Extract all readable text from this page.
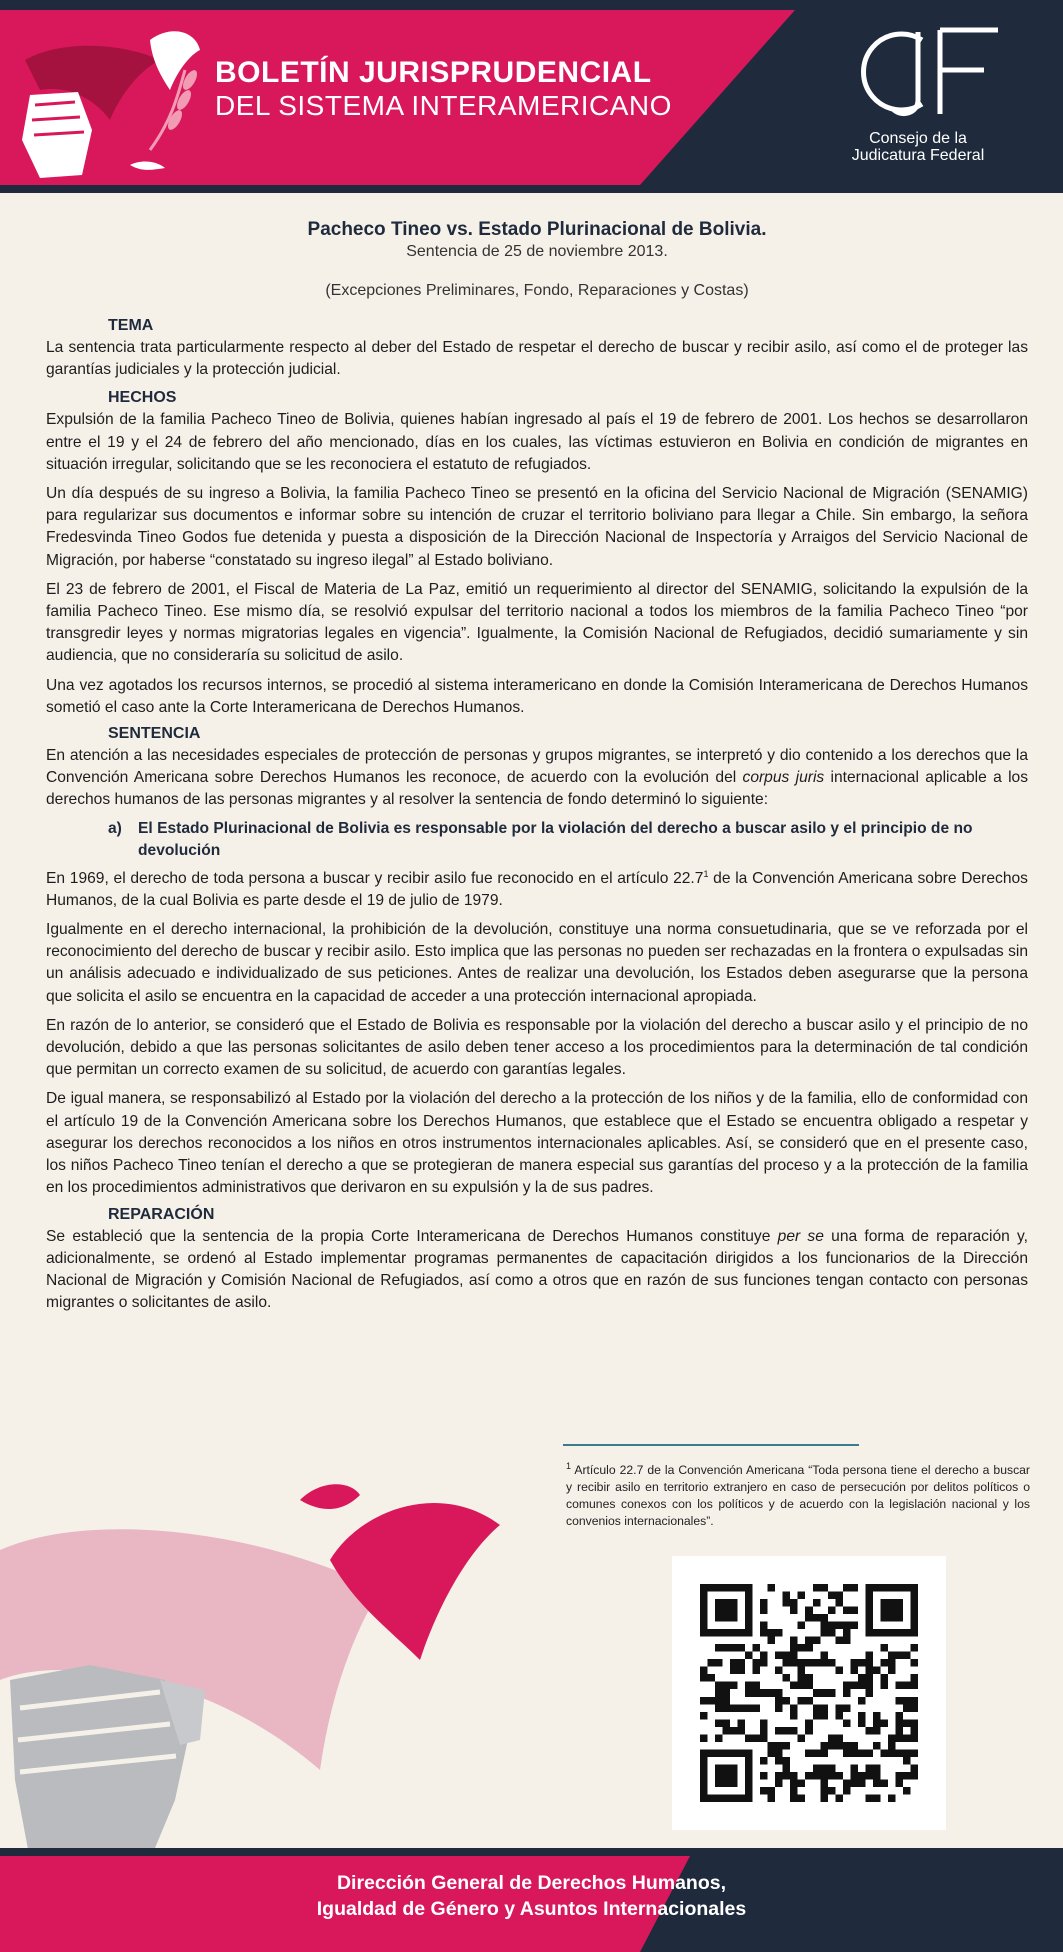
BOLETÍN JURISPRUDENCIAL
DEL SISTEMA INTERAMERICANO
Consejo de la
Judicatura Federal
Pacheco Tineo vs. Estado Plurinacional de Bolivia.
Sentencia de 25 de noviembre 2013.
(Excepciones Preliminares, Fondo, Reparaciones y Costas)
TEMA

La sentencia trata particularmente respecto al deber del Estado de respetar el derecho de buscar y recibir asilo, así como el de proteger las garantías judiciales y la protección judicial.

HECHOS

Expulsión de la familia Pacheco Tineo de Bolivia, quienes habían ingresado al país el 19 de febrero de 2001. Los hechos se desarrollaron entre el 19 y el 24 de febrero del año mencionado, días en los cuales, las víctimas estuvieron en Bolivia en condición de migrantes en situación irregular, solicitando que se les reconociera el estatuto de refugiados.

Un día después de su ingreso a Bolivia, la familia Pacheco Tineo se presentó en la oficina del Servicio Nacional de Migración (SENAMIG) para regularizar sus documentos e informar sobre su intención de cruzar el territorio boliviano para llegar a Chile. Sin embargo, la señora Fredesvinda Tineo Godos fue detenida y puesta a disposición de la Dirección Nacional de Inspectoría y Arraigos del Servicio Nacional de Migración, por haberse “constatado su ingreso ilegal” al Estado boliviano.

El 23 de febrero de 2001, el Fiscal de Materia de La Paz, emitió un requerimiento al director del SENAMIG, solicitando la expulsión de la familia Pacheco Tineo. Ese mismo día, se resolvió expulsar del territorio nacional a todos los miembros de la familia Pacheco Tineo “por transgredir leyes y normas migratorias legales en vigencia”. Igualmente, la Comisión Nacional de Refugiados, decidió sumariamente y sin audiencia, que no consideraría su solicitud de asilo.

Una vez agotados los recursos internos, se procedió al sistema interamericano en donde la Comisión Interamericana de Derechos Humanos sometió el caso ante la Corte Interamericana de Derechos Humanos.

SENTENCIA

En atención a las necesidades especiales de protección de personas y grupos migrantes, se interpretó y dio contenido a los derechos que la Convención Americana sobre Derechos Humanos les reconoce, de acuerdo con la evolución del corpus juris internacional aplicable a los derechos humanos de las personas migrantes y al resolver la sentencia de fondo determinó lo siguiente:

a)	El Estado Plurinacional de Bolivia es responsable por la violación del derecho a buscar asilo y el principio de no devolución

En 1969, el derecho de toda persona a buscar y recibir asilo fue reconocido en el artículo 22.7$^1$ de la Convención Americana sobre Derechos Humanos, de la cual Bolivia es parte desde el 19 de julio de 1979.

Igualmente en el derecho internacional, la prohibición de la devolución, constituye una norma consuetudinaria, que se ve reforzada por el reconocimiento del derecho de buscar y recibir asilo. Esto implica que las personas no pueden ser rechazadas en la frontera o expulsadas sin un análisis adecuado e individualizado de sus peticiones. Antes de realizar una devolución, los Estados deben asegurarse que la persona que solicita el asilo se encuentra en la capacidad de acceder a una protección internacional apropiada.

En razón de lo anterior, se consideró que el Estado de Bolivia es responsable por la violación del derecho a buscar asilo y el principio de no devolución, debido a que las personas solicitantes de asilo deben tener acceso a los procedimientos para la determinación de tal condición que permitan un correcto examen de su solicitud, de acuerdo con garantías legales.

De igual manera, se responsabilizó al Estado por la violación del derecho a la protección de los niños y de la familia, ello de conformidad con el artículo 19 de la Convención Americana sobre los Derechos Humanos, que establece que el Estado se encuentra obligado a respetar y asegurar los derechos reconocidos a los niños en otros instrumentos internacionales aplicables. Así, se consideró que en el presente caso, los niños Pacheco Tineo tenían el derecho a que se protegieran de manera especial sus garantías del proceso y a la protección de la familia en los procedimientos administrativos que derivaron en su expulsión y la de sus padres.

REPARACIÓN

Se estableció que la sentencia de la propia Corte Interamericana de Derechos Humanos constituye per se una forma de reparación y, adicionalmente, se ordenó al Estado implementar programas permanentes de capacitación dirigidos a los funcionarios de la Dirección Nacional de Migración y Comisión Nacional de Refugiados, así como a otros que en razón de sus funciones tengan contacto con personas migrantes o solicitantes de asilo.

$^1$ Artículo 22.7 de la Convención Americana “Toda persona tiene el derecho a buscar y recibir asilo en territorio extranjero en caso de persecución por delitos políticos o comunes conexos con los políticos y de acuerdo con la legislación nacional y los convenios internacionales”.
Dirección General de Derechos Humanos,
Igualdad de Género y Asuntos Internacionales
